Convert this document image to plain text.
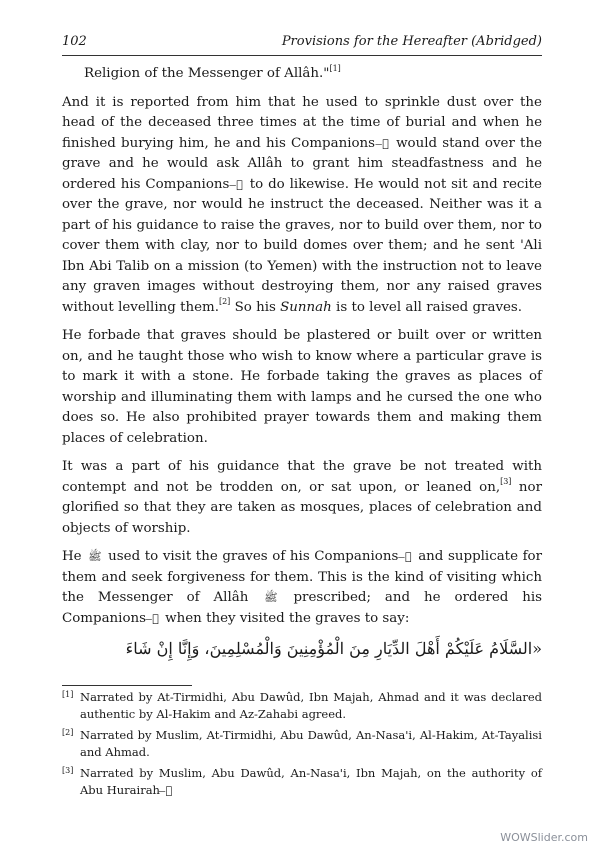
102	Provisions for the Hereafter (Abridged)

Religion of the Messenger of Allâh."[1]

And it is reported from him that he used to sprinkle dust over the head of the deceased three times at the time of burial and when he finished burying him, he and his Companions ﷺ̶ would stand over the grave and he would ask Allâh to grant him steadfastness and he ordered his Companions ﷺ̶ to do likewise. He would not sit and recite over the grave, nor would he instruct the deceased. Neither was it a part of his guidance to raise the graves, nor to build over them, nor to cover them with clay, nor to build domes over them; and he sent 'Ali Ibn Abi Talib on a mission (to Yemen) with the instruction not to leave any graven images without destroying them, nor any raised graves without levelling them.[2] So his Sunnah is to level all raised graves.

He forbade that graves should be plastered or built over or written on, and he taught those who wish to know where a particular grave is to mark it with a stone. He forbade taking the graves as places of worship and illuminating them with lamps and he cursed the one who does so. He also prohibited prayer towards them and making them places of celebration.

It was a part of his guidance that the grave be not treated with contempt and not be trodden on, or sat upon, or leaned on,[3] nor glorified so that they are taken as mosques, places of celebration and objects of worship.

He ﷺ used to visit the graves of his Companions ﷺ̶ and supplicate for them and seek forgiveness for them. This is the kind of visiting which the Messenger of Allâh ﷺ prescribed; and he ordered his Companions ﷺ̶ when they visited the graves to say:

«السَّلَامُ عَلَيْكُمْ أَهْلَ الدِّيَارِ مِنَ الْمُؤْمِنِينَ وَالْمُسْلِمِينَ، وَإِنَّا إِنْ شَاءَ

[1] Narrated by At-Tirmidhi, Abu Dawûd, Ibn Majah, Ahmad and it was declared authentic by Al-Hakim and Az-Zahabi agreed.
[2] Narrated by Muslim, At-Tirmidhi, Abu Dawûd, An-Nasa'i, Al-Hakim, At-Tayalisi and Ahmad.
[3] Narrated by Muslim, Abu Dawûd, An-Nasa'i, Ibn Majah, on the authority of Abu Hurairah ﷺ̶
WOWSlider.com
